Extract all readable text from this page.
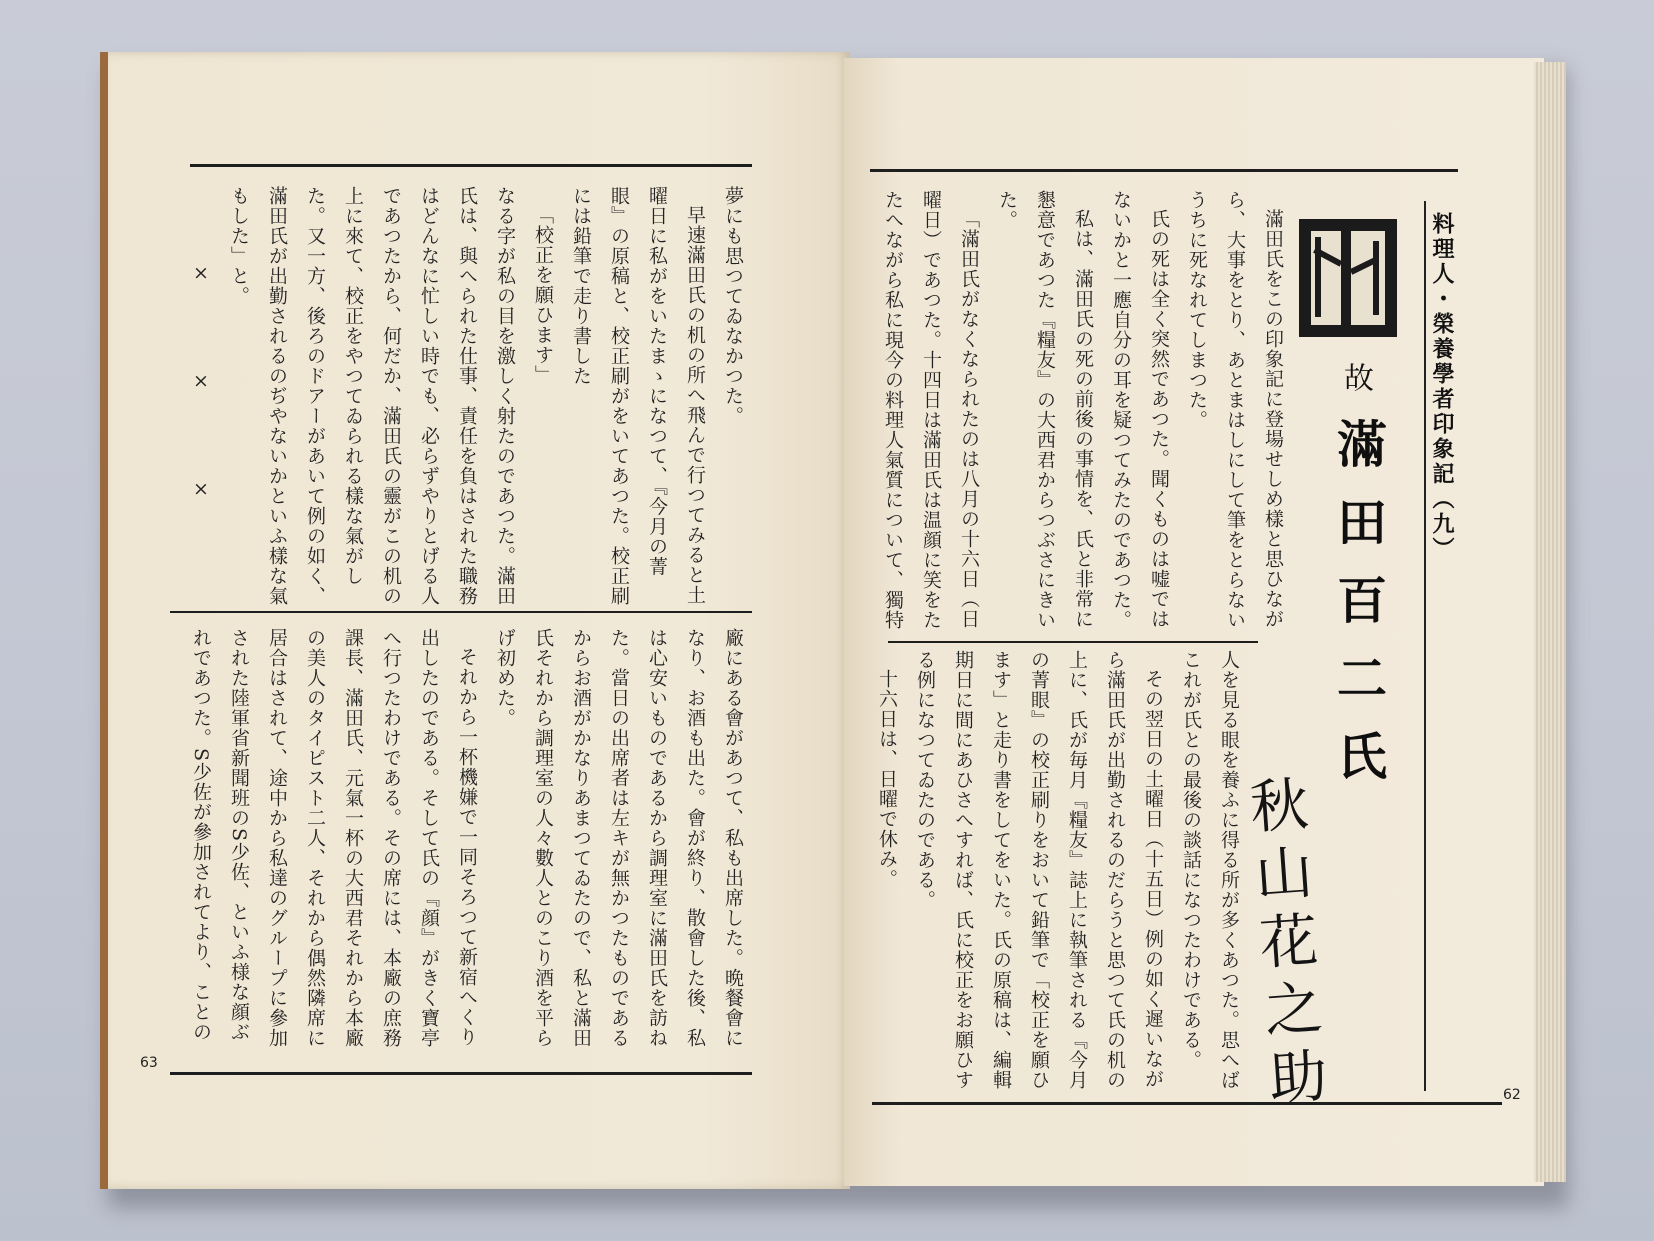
夢にも思つてゐなかつた。

早速滿田氏の机の所へ飛んで行つてみると土曜日に私がをいたまゝになつて、『今月の菁眼』の原稿と、校正刷がをいてあつた。校正刷には鉛筆で走り書した

「校正を願ひます」

なる字が私の目を激しく射たのであつた。滿田氏は、與へられた仕事、責任を負はされた職務はどんなに忙しい時でも、必らずやりとげる人であつたから、何だか、滿田氏の靈がこの机の上に來て、校正をやつてゐられる樣な氣がした。又一方、後ろのドアーがあいて例の如く、滿田氏が出勤されるのぢやないかといふ樣な氣もした」と。

× × ×

廠にある會があつて、私も出席した。晩餐會になり、お酒も出た。會が終り、散會した後、私は心安いものであるから調理室に滿田氏を訪ねた。當日の出席者は左キが無かつたものであるからお酒がかなりあまつてゐたので、私と滿田氏それから調理室の人々數人とのこり酒を平らげ初めた。

それから一杯機嫌で一同そろつて新宿へくり出したのである。そして氏の『顔』がきく寶亭へ行つたわけである。その席には、本廠の庶務課長、滿田氏、元氣一杯の大西君それから本廠の美人のタイピスト二人、それから偶然隣席に居合はされて、途中から私達のグループに參加された陸軍省新聞班のS少佐、といふ様な顔ぶれであつた。S少佐が參加されてより、ことの

63
料理人・榮養學者印象記（九）
故
滿田百二氏
秋山花之助

滿田氏をこの印象記に登場せしめ樣と思ひながら、大事をとり、あとまはしにして筆をとらないうちに死なれてしまつた。

氏の死は全く突然であつた。聞くものは嘘ではないかと一應自分の耳を疑つてみたのであつた。

私は、滿田氏の死の前後の事情を、氏と非常に懇意であつた『糧友』の大西君からつぶさにきいた。

「滿田氏がなくなられたのは八月の十六日（日曜日）であつた。十四日は滿田氏は温顔に笑をたたへながら私に現今の料理人氣質について、獨特

人を見る眼を養ふに得る所が多くあつた。思へばこれが氏との最後の談話になつたわけである。

その翌日の土曜日（十五日）例の如く遲いながら滿田氏が出勤されるのだらうと思つて氏の机の上に、氏が毎月『糧友』誌上に執筆される『今月の菁眼』の校正刷りをおいて鉛筆で「校正を願ひます」と走り書をしてをいた。氏の原稿は、編輯期日に間にあひさへすれば、氏に校正をお願ひする例になつてゐたのである。

十六日は、日曜で休み。

62
